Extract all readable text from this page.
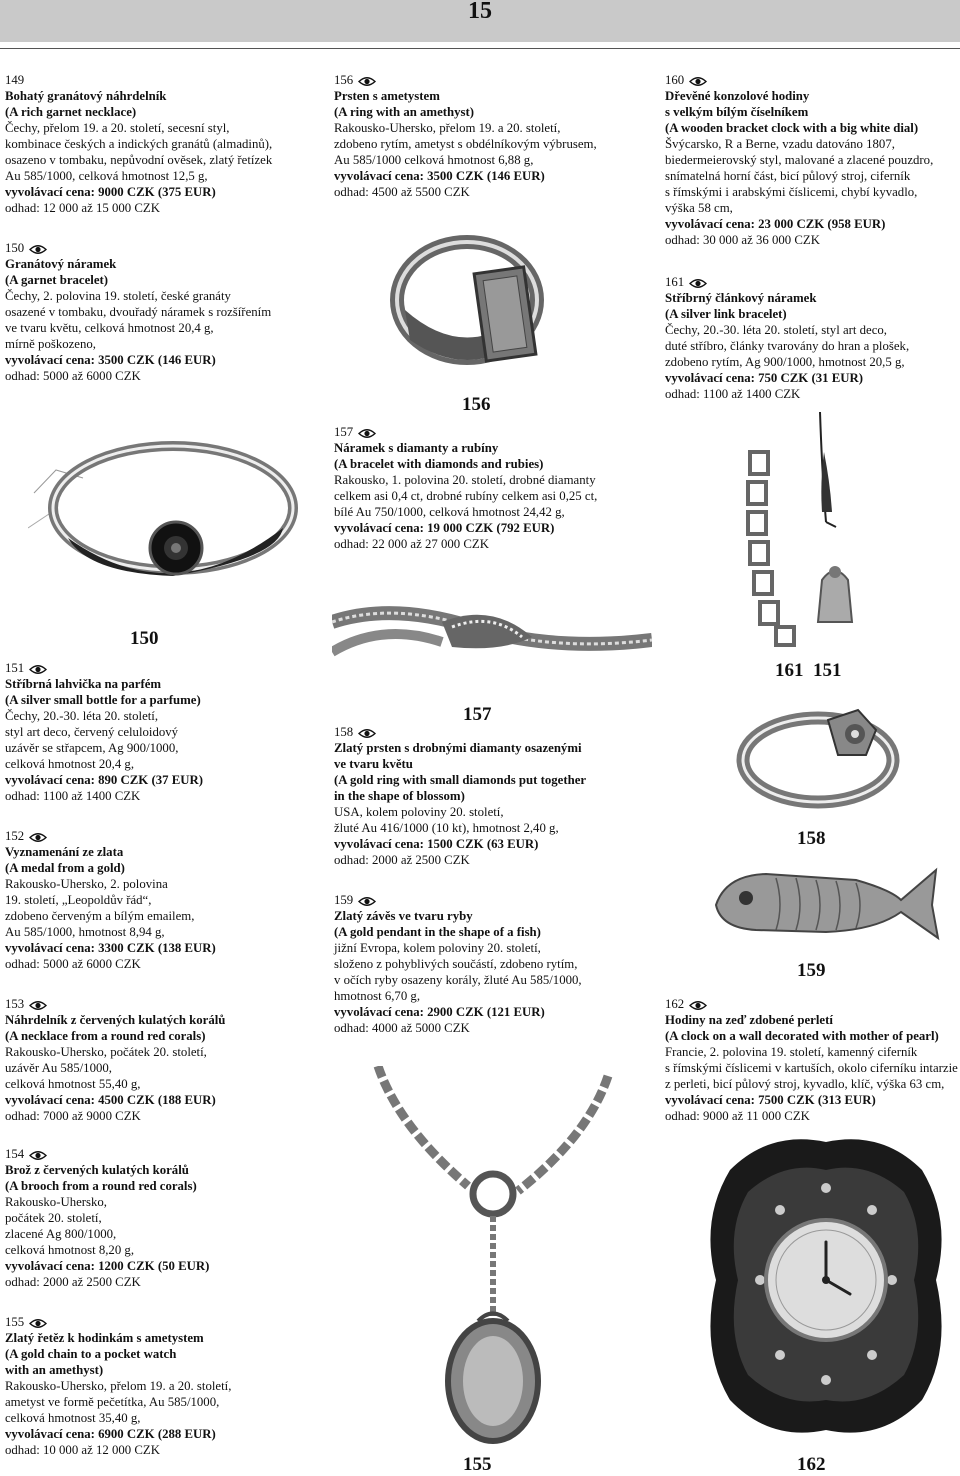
15

149

Bohatý granátový náhrdelník

(A rich garnet necklace)

Čechy, přelom 19. a 20. století, secesní styl,

kombinace českých a indických granátů (almadinů),

osazeno v tombaku, nepůvodní ověsek, zlatý řetízek

Au 585/1000, celková hmotnost 12,5 g,

vyvolávací cena: 9000 CZK (375 EUR)

odhad: 12 000 až 15 000 CZK

150

Granátový náramek

(A garnet bracelet)

Čechy, 2. polovina 19. století, české granáty

osazené v tombaku, dvouřadý náramek s rozšířením

ve tvaru květu, celková hmotnost 20,4 g,

mírně poškozeno,

vyvolávací cena: 3500 CZK (146 EUR)

odhad: 5000 až 6000 CZK

150

151

Stříbrná lahvička na parfém

(A silver small bottle for a parfume)

Čechy, 20.-30. léta 20. století,

styl art deco, červený celuloidový

uzávěr se střapcem, Ag 900/1000,

celková hmotnost 20,4 g,

vyvolávací cena: 890 CZK (37 EUR)

odhad: 1100 až 1400 CZK

152

Vyznamenání ze zlata

(A medal from a gold)

Rakousko-Uhersko, 2. polovina

19. století, „Leopoldův řád“,

zdobeno červeným a bílým emailem,

Au 585/1000, hmotnost 8,94 g,

vyvolávací cena: 3300 CZK (138 EUR)

odhad: 5000 až 6000 CZK

153

Náhrdelník z červených kulatých korálů

(A necklace from a round red corals)

Rakousko-Uhersko, počátek 20. století,

uzávěr Au 585/1000,

celková hmotnost 55,40 g,

vyvolávací cena: 4500 CZK (188 EUR)

odhad: 7000 až 9000 CZK

154

Brož z červených kulatých korálů

(A brooch from a round red corals)

Rakousko-Uhersko,

počátek 20. století,

zlacené Ag 800/1000,

celková hmotnost 8,20 g,

vyvolávací cena: 1200 CZK (50 EUR)

odhad: 2000 až 2500 CZK

155

Zlatý řetěz k hodinkám s ametystem

(A gold chain to a pocket watch

with an amethyst)

Rakousko-Uhersko, přelom 19. a 20. století,

ametyst ve formě pečetítka, Au 585/1000,

celková hmotnost 35,40 g,

vyvolávací cena: 6900 CZK (288 EUR)

odhad: 10 000 až 12 000 CZK

156

Prsten s ametystem

(A ring with an amethyst)

Rakousko-Uhersko, přelom 19. a 20. století,

zdobeno rytím, ametyst s obdélníkovým výbrusem,

Au 585/1000 celková hmotnost 6,88 g,

vyvolávací cena: 3500 CZK (146 EUR)

odhad: 4500 až 5500 CZK

156

157

Náramek s diamanty a rubíny

(A bracelet with diamonds and rubies)

Rakousko, 1. polovina 20. století, drobné diamanty

celkem asi 0,4 ct, drobné rubíny celkem asi 0,25 ct,

bílé Au 750/1000, celková hmotnost 24,42 g,

vyvolávací cena: 19 000 CZK (792 EUR)

odhad: 22 000 až 27 000 CZK

157

158

Zlatý prsten s drobnými diamanty osazenými

ve tvaru květu

(A gold ring with small diamonds put together

in the shape of blossom)

USA, kolem poloviny 20. století,

žluté Au 416/1000 (10 kt), hmotnost 2,40 g,

vyvolávací cena: 1500 CZK (63 EUR)

odhad: 2000 až 2500 CZK

159

Zlatý závěs ve tvaru ryby

(A gold pendant in the shape of a fish)

jižní Evropa, kolem poloviny 20. století,

složeno z pohyblivých součástí, zdobeno rytím,

v očích ryby osazeny korály, žluté Au 585/1000,

hmotnost 6,70 g,

vyvolávací cena: 2900 CZK (121 EUR)

odhad: 4000 až 5000 CZK

155

160

Dřevěné konzolové hodiny

s velkým bílým číselníkem

(A wooden bracket clock with a big white dial)

Švýcarsko, R a Berne, vzadu datováno 1807,

biedermeierovský styl, malované a zlacené pouzdro,

snímatelná horní část, bicí půlový stroj, ciferník

s římskými i arabskými číslicemi, chybí kyvadlo,

výška 58 cm,

vyvolávací cena: 23 000 CZK (958 EUR)

odhad: 30 000 až 36 000 CZK

161

Stříbrný článkový náramek

(A silver link bracelet)

Čechy, 20.-30. léta 20. století, styl art deco,

duté stříbro, články tvarovány do hran a plošek,

zdobeno rytím, Ag 900/1000, hmotnost 20,5 g,

vyvolávací cena: 750 CZK (31 EUR)

odhad: 1100 až 1400 CZK

161  151
158
159

162

Hodiny na zeď zdobené perletí

(A clock on a wall decorated with mother of pearl)

Francie, 2. polovina 19. století, kamenný ciferník

s římskými číslicemi v kartuších, okolo ciferníku intarzie

z perleti, bicí půlový stroj, kyvadlo, klíč, výška 63 cm,

vyvolávací cena: 7500 CZK (313 EUR)

odhad: 9000 až 11 000 CZK

162
